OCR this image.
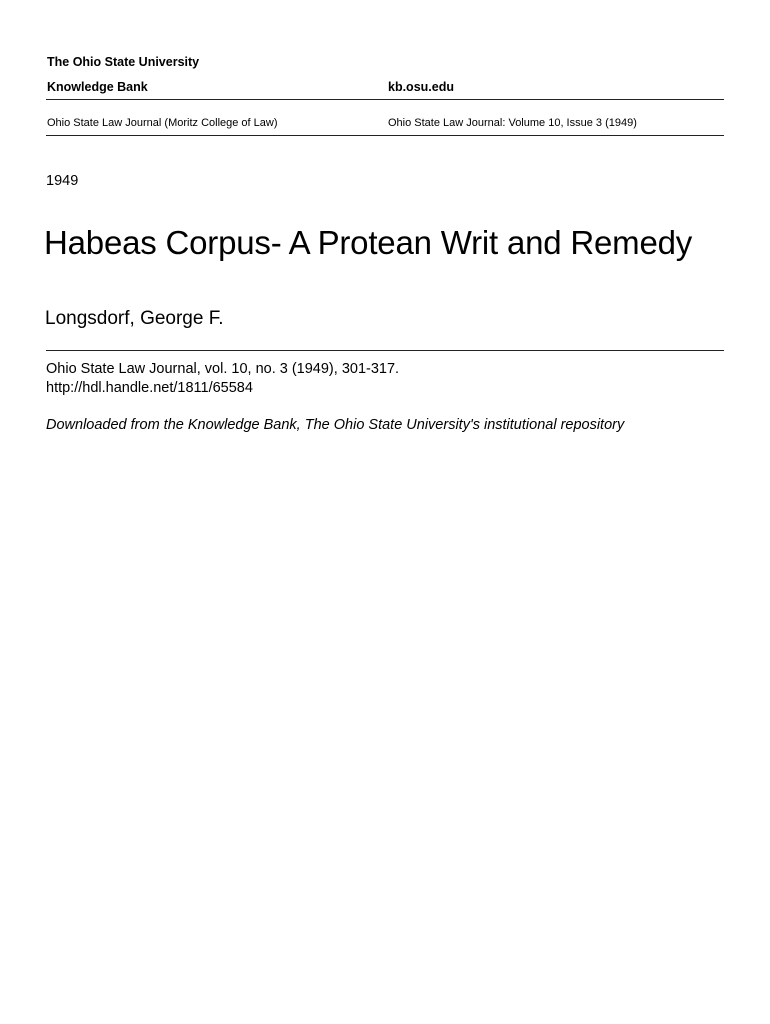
The Ohio State University
Knowledge Bank	kb.osu.edu
Ohio State Law Journal (Moritz College of Law)	Ohio State Law Journal: Volume 10, Issue 3 (1949)
1949
Habeas Corpus- A Protean Writ and Remedy
Longsdorf, George F.
Ohio State Law Journal, vol. 10, no. 3 (1949), 301-317.
http://hdl.handle.net/1811/65584
Downloaded from the Knowledge Bank, The Ohio State University's institutional repository
